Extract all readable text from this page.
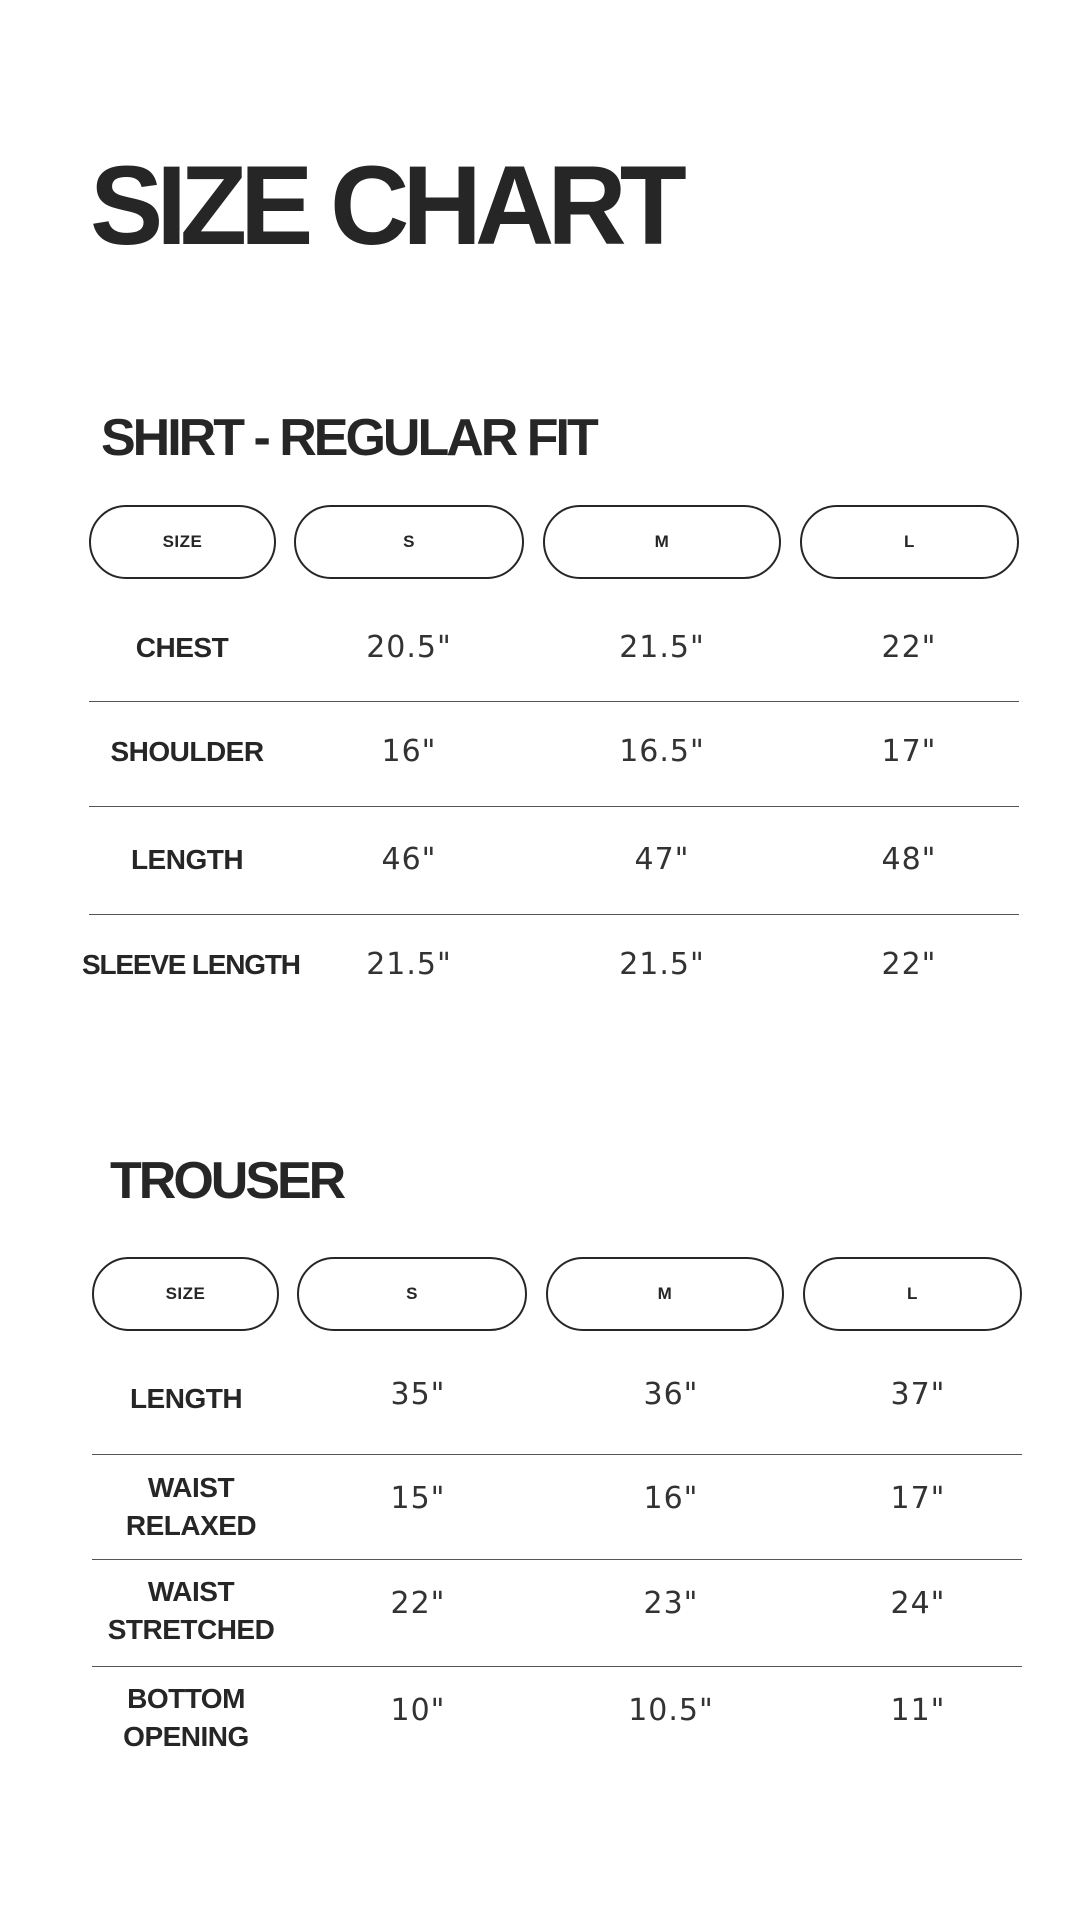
SIZE CHART
SHIRT - REGULAR FIT
SIZE	S	M	L
CHEST	20.5"	21.5"	22"
SHOULDER	16"	16.5"	17"
LENGTH	46"	47"	48"
SLEEVE LENGTH	21.5"	21.5"	22"
TROUSER
SIZE	S	M	L
LENGTH	35"	36"	37"
WAIST
RELAXED
15"	16"	17"
WAIST
STRETCHED
22"	23"	24"
BOTTOM
OPENING
10"	10.5"	11"
